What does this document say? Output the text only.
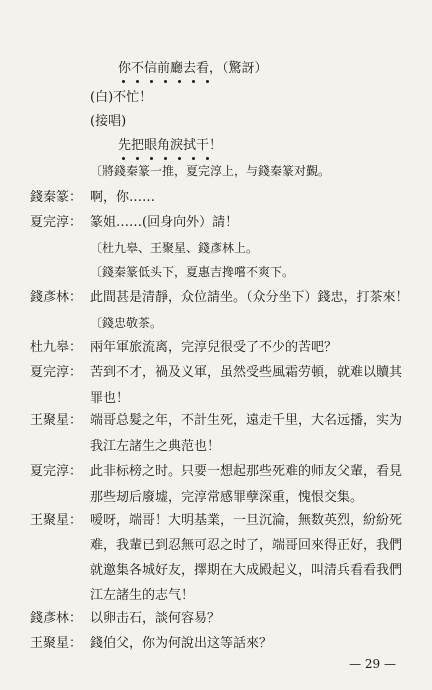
你不信前廳去看，（驚訝）
(白)不忙！
(接唱)
先把眼角淚拭干！
〔將錢秦篆一推，夏完淳上，与錢秦篆对覲。
錢秦篆： 啊，你……
夏完淳： 篆姐……(回身向外）請！
〔杜九皋、王聚星、錢彥林上。
〔錢秦篆低头下，夏惠吉搀嚐不爽下。
錢彥林： 此間甚是清靜，众位請坐。（众分坐下）錢忠，打茶來！
〔錢忠敬茶。
杜九皋： 兩年軍旅流离，完淳兒很受了不少的苦吧？
夏完淳： 苦到不才，禍及义軍，虽然受些風霜劳頓，就难以贖其罪也！
王聚星： 端哥总髮之年，不計生死，遠走千里，大名远播，实为我江左諸生之典范也！
夏完淳： 此非标榜之时。只要一想起那些死难的师友父輩，看見那些刼后廢墟，完淳常感罪孽深重，愧恨交集。
王聚星： 嗳呀，端哥！大明基業，一旦沉淪，無数英烈，紛紛死难，我輩已到忍無可忍之时了，端哥回來得正好，我們就邀集各城好友，擇期在大成殿起义，叫清兵看看我們江左諸生的志气！
錢彥林： 以卵击石，談何容易？
王聚星： 錢伯父，你为何說出这等話來？
— 29 —
